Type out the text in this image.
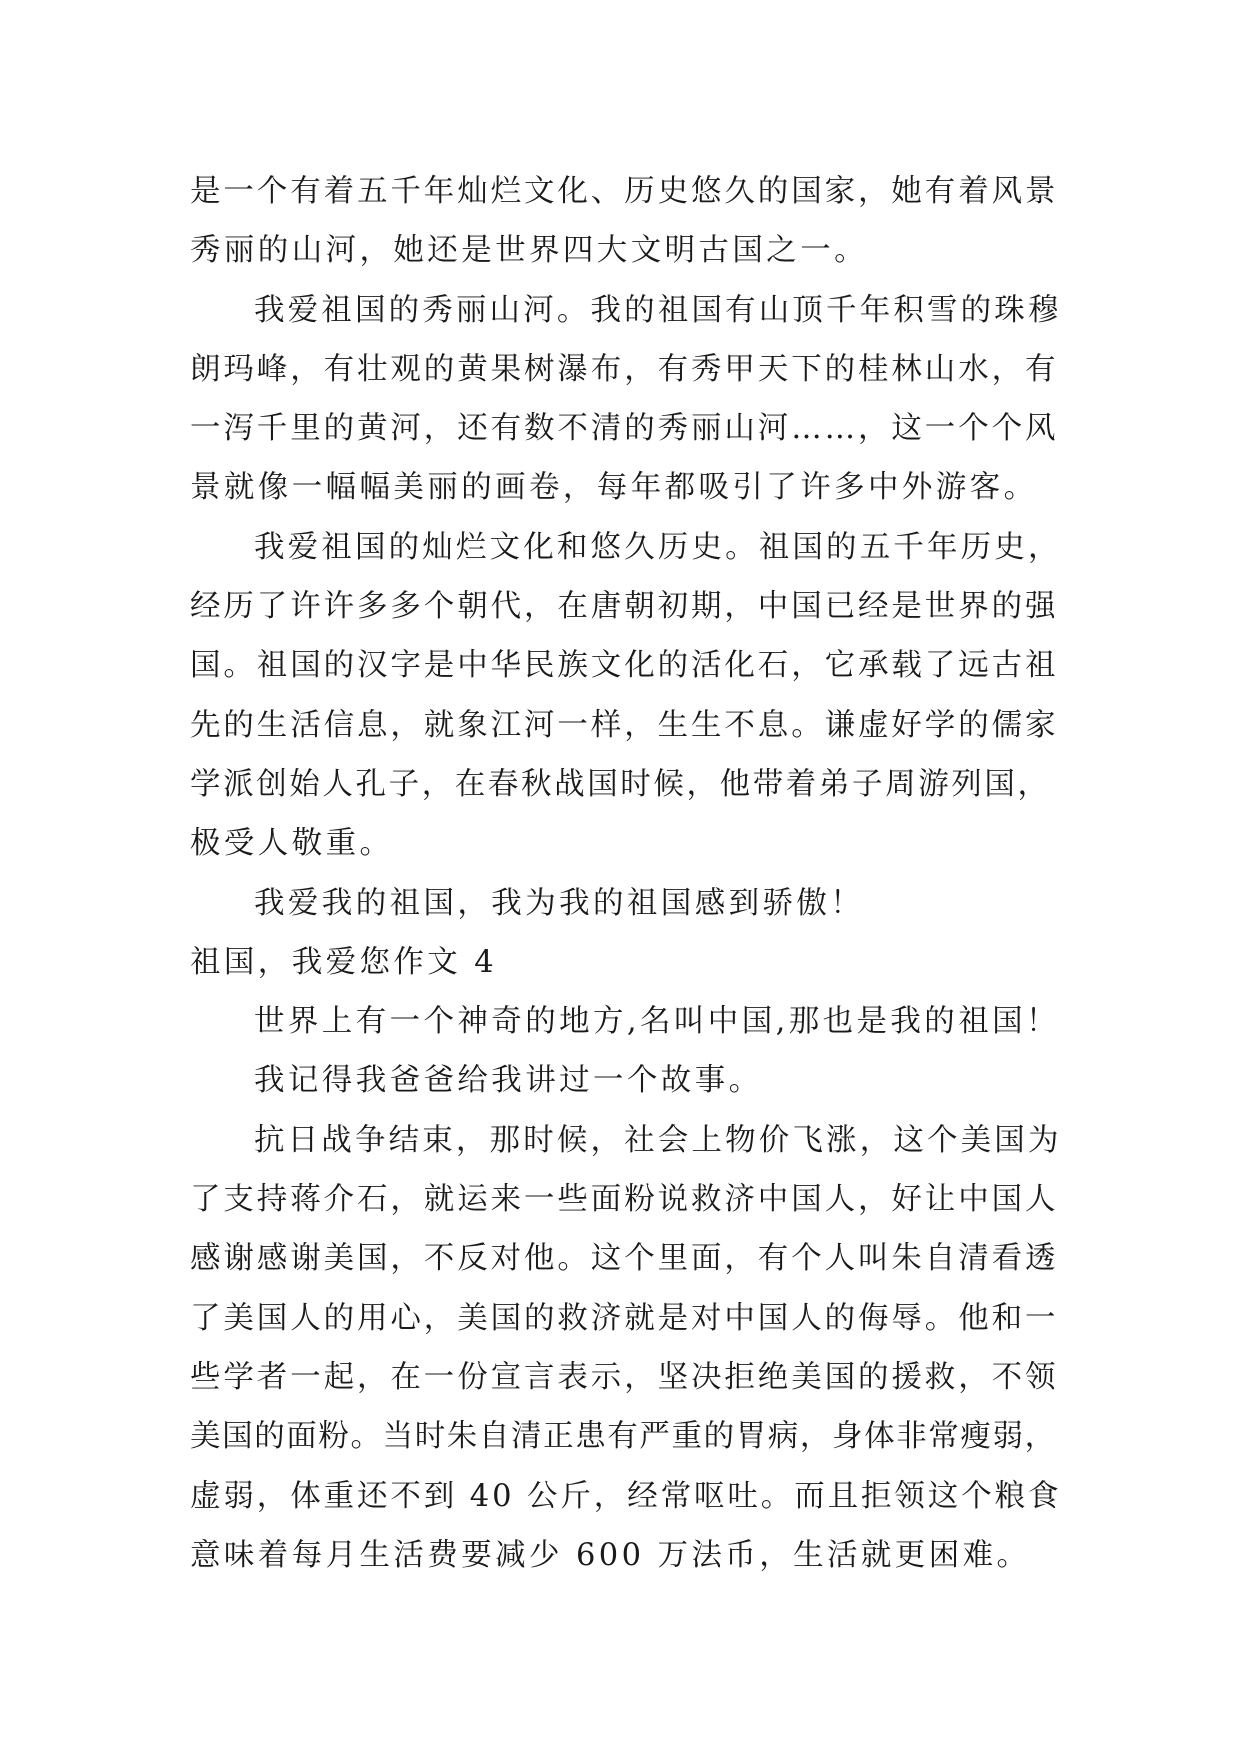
是一个有着五千年灿烂文化、历史悠久的国家，她有着风景
秀丽的山河，她还是世界四大文明古国之一。
我爱祖国的秀丽山河。我的祖国有山顶千年积雪的珠穆
朗玛峰，有壮观的黄果树瀑布，有秀甲天下的桂林山水，有
一泻千里的黄河，还有数不清的秀丽山河……，这一个个风
景就像一幅幅美丽的画卷，每年都吸引了许多中外游客。
我爱祖国的灿烂文化和悠久历史。祖国的五千年历史，
经历了许许多多个朝代，在唐朝初期，中国已经是世界的强
国。祖国的汉字是中华民族文化的活化石，它承载了远古祖
先的生活信息，就象江河一样，生生不息。谦虚好学的儒家
学派创始人孔子，在春秋战国时候，他带着弟子周游列国，
极受人敬重。
我爱我的祖国，我为我的祖国感到骄傲！
祖国，我爱您作文 4
世界上有一个神奇的地方,名叫中国,那也是我的祖国！
我记得我爸爸给我讲过一个故事。
抗日战争结束，那时候，社会上物价飞涨，这个美国为
了支持蒋介石，就运来一些面粉说救济中国人，好让中国人
感谢感谢美国，不反对他。这个里面，有个人叫朱自清看透
了美国人的用心，美国的救济就是对中国人的侮辱。他和一
些学者一起，在一份宣言表示，坚决拒绝美国的援救，不领
美国的面粉。当时朱自清正患有严重的胃病，身体非常瘦弱，
虚弱，体重还不到 40 公斤，经常呕吐。而且拒领这个粮食
意味着每月生活费要减少 600 万法币，生活就更困难。
